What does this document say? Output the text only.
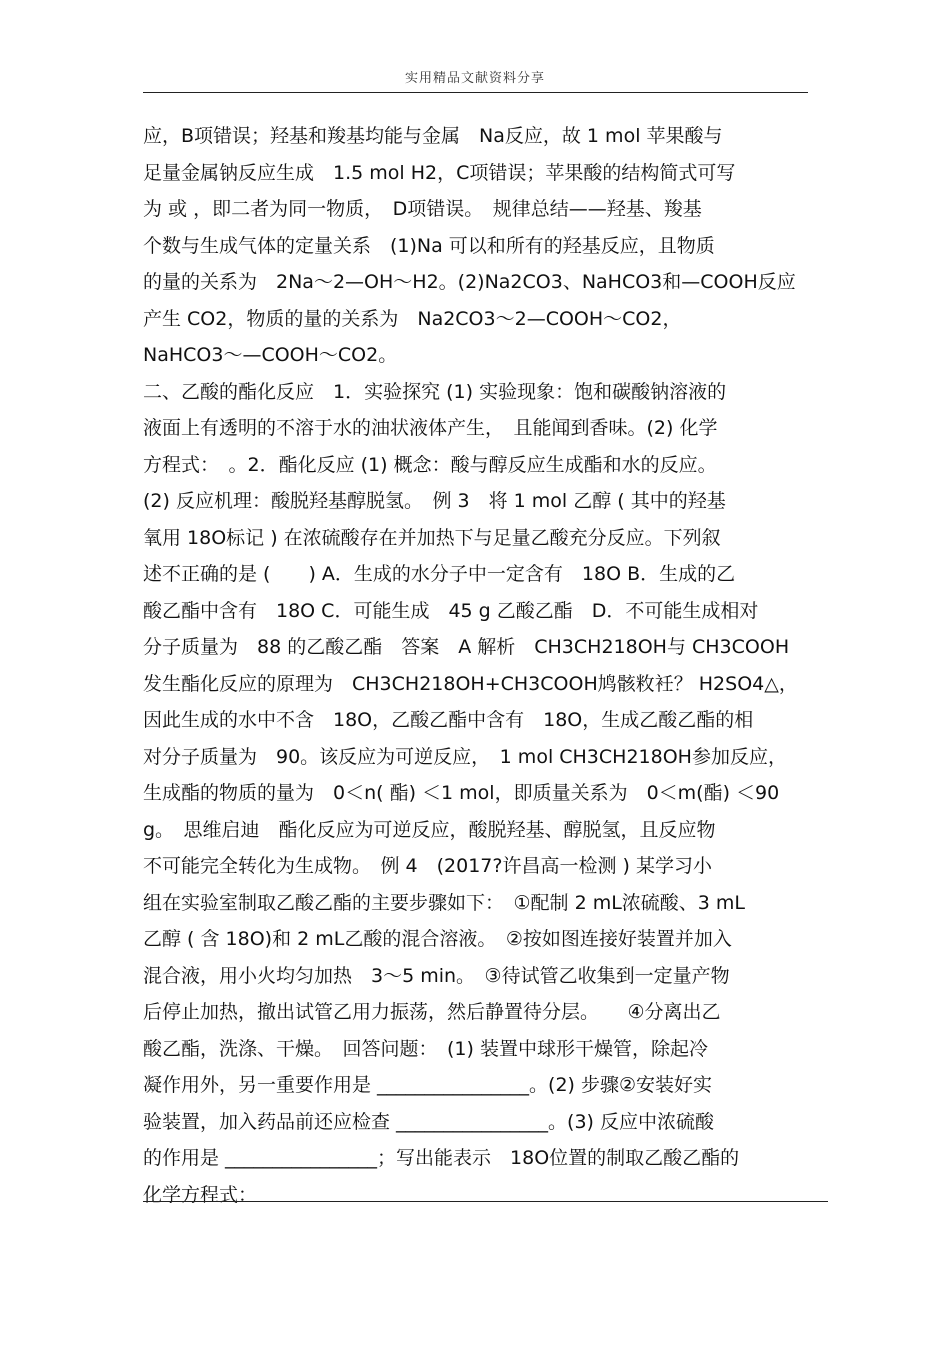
实用精品文献资料分享
应，B项错误；羟基和羧基均能与金属　Na反应，故 1 mol 苹果酸与
足量金属钠反应生成　1.5 mol H2，C项错误；苹果酸的结构简式可写
为 或 ，即二者为同一物质，　D项错误。　规律总结——羟基、羧基
个数与生成气体的定量关系　(1)Na 可以和所有的羟基反应，且物质
的量的关系为　2Na～2—OH～H2。(2)Na2CO3、NaHCO3和—COOH反应
产生 CO2，物质的量的关系为　Na2CO3～2—COOH～CO2，
NaHCO3～—COOH～CO2。
二、乙酸的酯化反应　1．实验探究 (1) 实验现象：饱和碳酸钠溶液的
液面上有透明的不溶于水的油状液体产生，　且能闻到香味。(2) 化学
方程式：　。2．酯化反应 (1) 概念：酸与醇反应生成酯和水的反应。
(2) 反应机理：酸脱羟基醇脱氢。　例 3　将 1 mol 乙醇 ( 其中的羟基
氧用 18O标记 ) 在浓硫酸存在并加热下与足量乙酸充分反应。下列叙
述不正确的是 (　　) A．生成的水分子中一定含有　18O B．生成的乙
酸乙酯中含有　18O C．可能生成　45 g 乙酸乙酯　D．不可能生成相对
分子质量为　88 的乙酸乙酯　答案　A 解析　CH3CH218OH与 CH3COOH
发生酯化反应的原理为　CH3CH218OH+CH3COOH鸠骸敉衽？ H2SO4△，
因此生成的水中不含　18O，乙酸乙酯中含有　18O，生成乙酸乙酯的相
对分子质量为　90。该反应为可逆反应，　1 mol CH3CH218OH参加反应，
生成酯的物质的量为　0＜n( 酯) ＜1 mol，即质量关系为　0＜m(酯) ＜90
g。　思维启迪　酯化反应为可逆反应，酸脱羟基、醇脱氢，且反应物
不可能完全转化为生成物。　例 4　(2017?许昌高一检测 ) 某学习小
组在实验室制取乙酸乙酯的主要步骤如下：　①配制 2 mL浓硫酸、3 mL
乙醇 ( 含 18O)和 2 mL乙酸的混合溶液。　②按如图连接好装置并加入
混合液，用小火均匀加热　3～5 min。　③待试管乙收集到一定量产物
后停止加热，撤出试管乙用力振荡，然后静置待分层。　　④分离出乙
酸乙酯，洗涤、干燥。　回答问题：　(1) 装置中球形干燥管，除起冷
凝作用外，另一重要作用是 ________________。(2) 步骤②安装好实
验装置，加入药品前还应检查 ________________。(3) 反应中浓硫酸
的作用是 ________________；写出能表示　18O位置的制取乙酸乙酯的
化学方程式：
